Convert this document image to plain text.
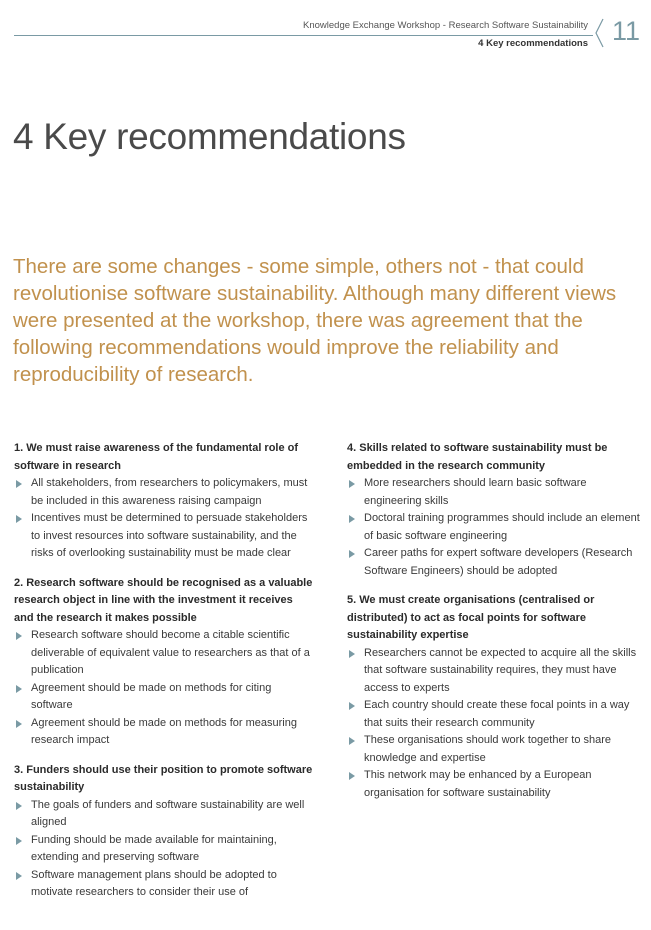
Knowledge Exchange Workshop - Research Software Sustainability
4 Key recommendations 11
4 Key recommendations

There are some changes - some simple, others not - that could revolutionise software sustainability. Although many different views were presented at the workshop, there was agreement that the following recommendations would improve the reliability and reproducibility of research.

1. We must raise awareness of the fundamental role of software in research

All stakeholders, from researchers to policymakers, must be included in this awareness raising campaign
Incentives must be determined to persuade stakeholders to invest resources into software sustainability, and the risks of overlooking sustainability must be made clear

2. Research software should be recognised as a valuable research object in line with the investment it receives and the research it makes possible

Research software should become a citable scientific deliverable of equivalent value to researchers as that of a publication
Agreement should be made on methods for citing software
Agreement should be made on methods for measuring research impact

3. Funders should use their position to promote software sustainability

The goals of funders and software sustainability are well aligned
Funding should be made available for maintaining, extending and preserving software
Software management plans should be adopted to motivate researchers to consider their use of

4. Skills related to software sustainability must be embedded in the research community

More researchers should learn basic software engineering skills
Doctoral training programmes should include an element of basic software engineering
Career paths for expert software developers (Research Software Engineers) should be adopted

5. We must create organisations (centralised or distributed) to act as focal points for software sustainability expertise

Researchers cannot be expected to acquire all the skills that software sustainability requires, they must have access to experts
Each country should create these focal points in a way that suits their research community
These organisations should work together to share knowledge and expertise
This network may be enhanced by a European organisation for software sustainability
